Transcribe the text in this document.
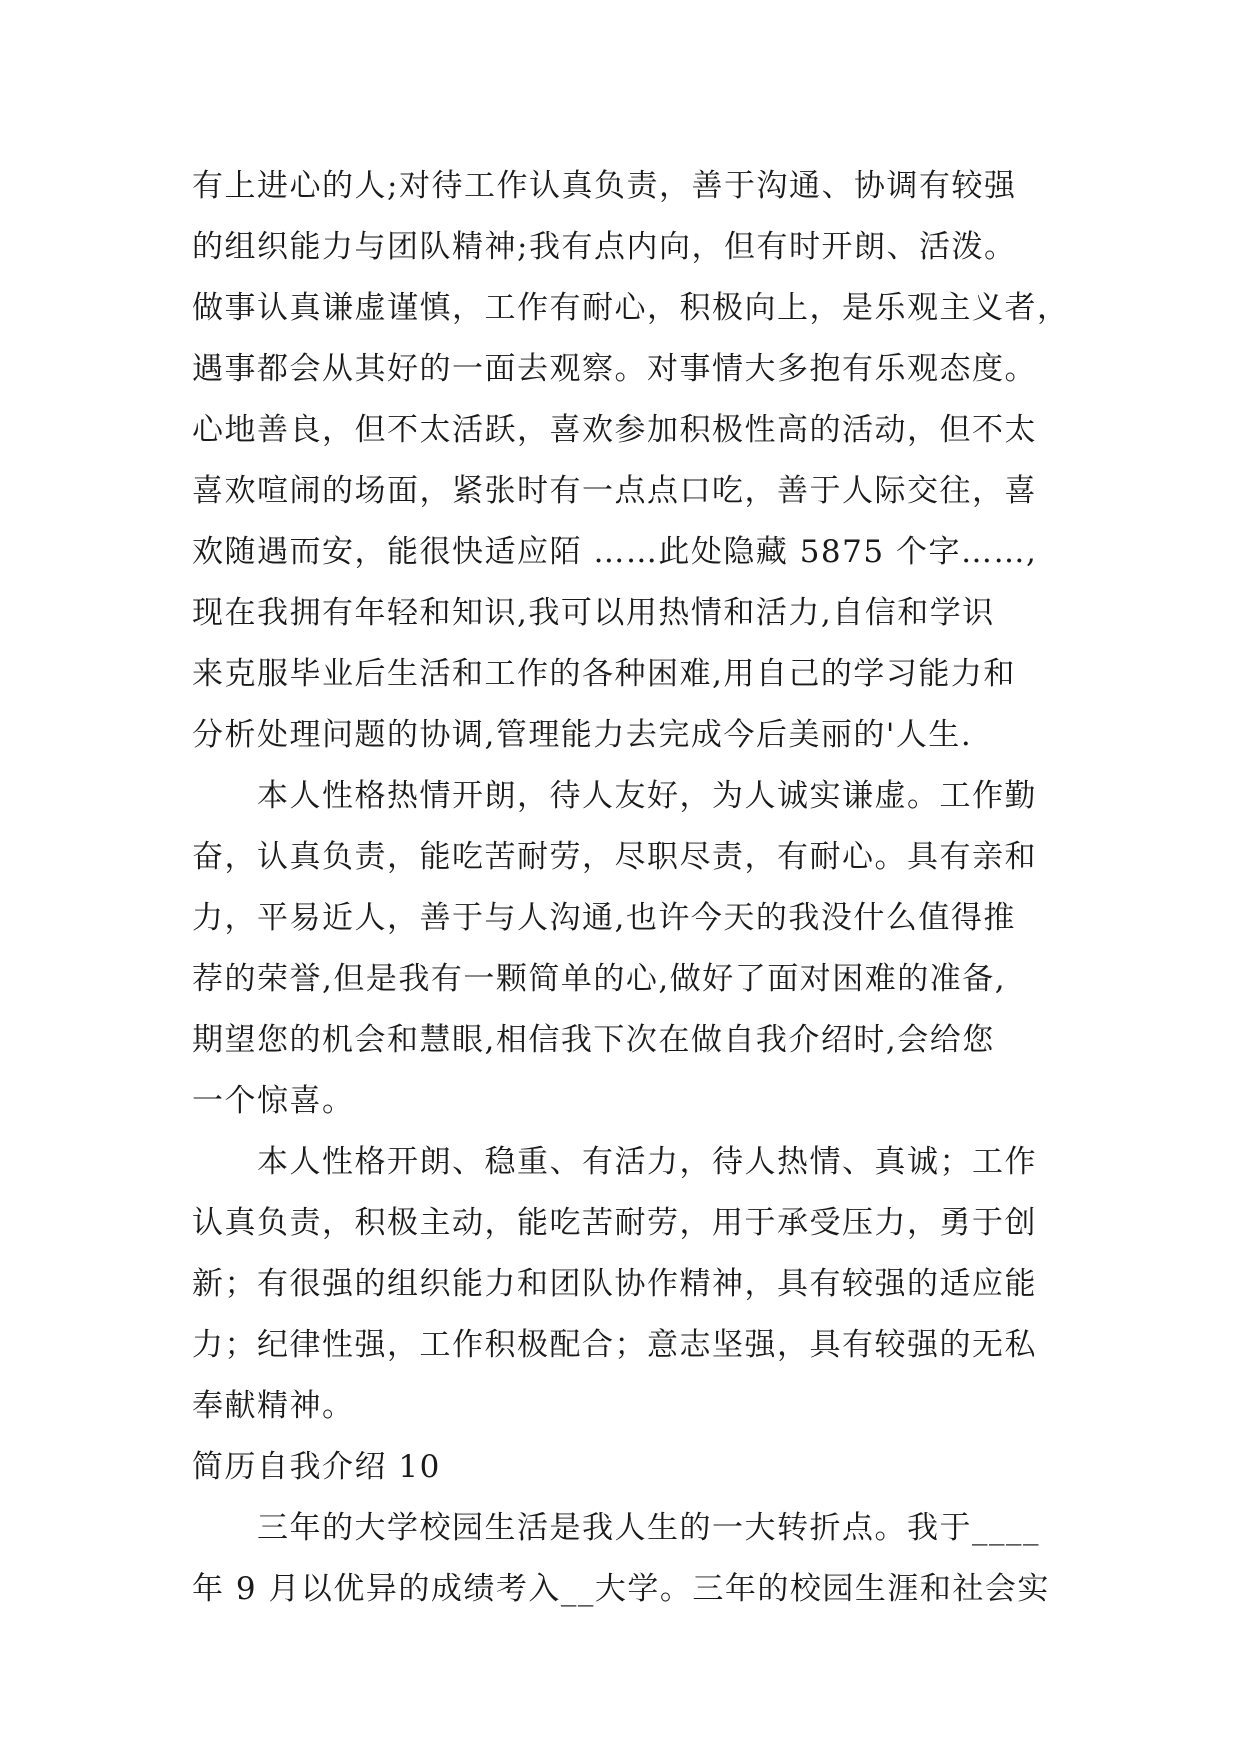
有上进心的人;对待工作认真负责，善于沟通、协调有较强
的组织能力与团队精神;我有点内向，但有时开朗、活泼。
做事认真谦虚谨慎，工作有耐心，积极向上，是乐观主义者，
遇事都会从其好的一面去观察。对事情大多抱有乐观态度。
心地善良，但不太活跃，喜欢参加积极性高的活动，但不太
喜欢喧闹的场面，紧张时有一点点口吃，善于人际交往，喜
欢随遇而安，能很快适应陌 ……此处隐藏 5875 个字……,
现在我拥有年轻和知识,我可以用热情和活力,自信和学识
来克服毕业后生活和工作的各种困难,用自己的学习能力和
分析处理问题的协调,管理能力去完成今后美丽的'人生.
本人性格热情开朗，待人友好，为人诚实谦虚。工作勤
奋，认真负责，能吃苦耐劳，尽职尽责，有耐心。具有亲和
力，平易近人，善于与人沟通,也许今天的我没什么值得推
荐的荣誉,但是我有一颗简单的心,做好了面对困难的准备,
期望您的机会和慧眼,相信我下次在做自我介绍时,会给您
一个惊喜。
本人性格开朗、稳重、有活力，待人热情、真诚；工作
认真负责，积极主动，能吃苦耐劳，用于承受压力，勇于创
新；有很强的组织能力和团队协作精神，具有较强的适应能
力；纪律性强，工作积极配合；意志坚强，具有较强的无私
奉献精神。
简历自我介绍 10
三年的大学校园生活是我人生的一大转折点。我于____
年 9 月以优异的成绩考入__大学。三年的校园生涯和社会实
